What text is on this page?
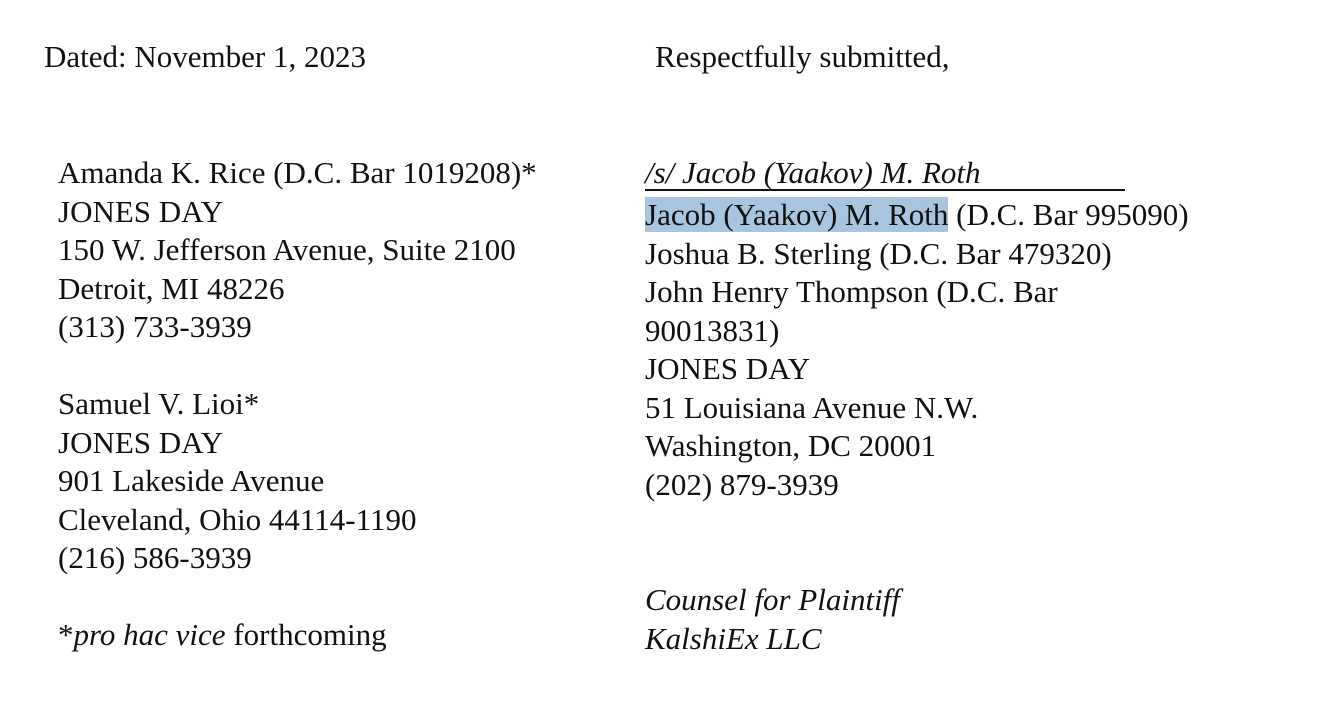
Dated: November 1, 2023	Respectfully submitted,
Amanda K. Rice (D.C. Bar 1019208)*
JONES DAY
150 W. Jefferson Avenue, Suite 2100
Detroit, MI 48226
(313) 733-3939
Samuel V. Lioi*
JONES DAY
901 Lakeside Avenue
Cleveland, Ohio 44114-1190
(216) 586-3939
*pro hac vice forthcoming
/s/ Jacob (Yaakov) M. Roth
Jacob (Yaakov) M. Roth (D.C. Bar 995090)
Joshua B. Sterling (D.C. Bar 479320)
John Henry Thompson (D.C. Bar
90013831)
JONES DAY
51 Louisiana Avenue N.W.
Washington, DC 20001
(202) 879-3939
Counsel for Plaintiff
KalshiEx LLC
